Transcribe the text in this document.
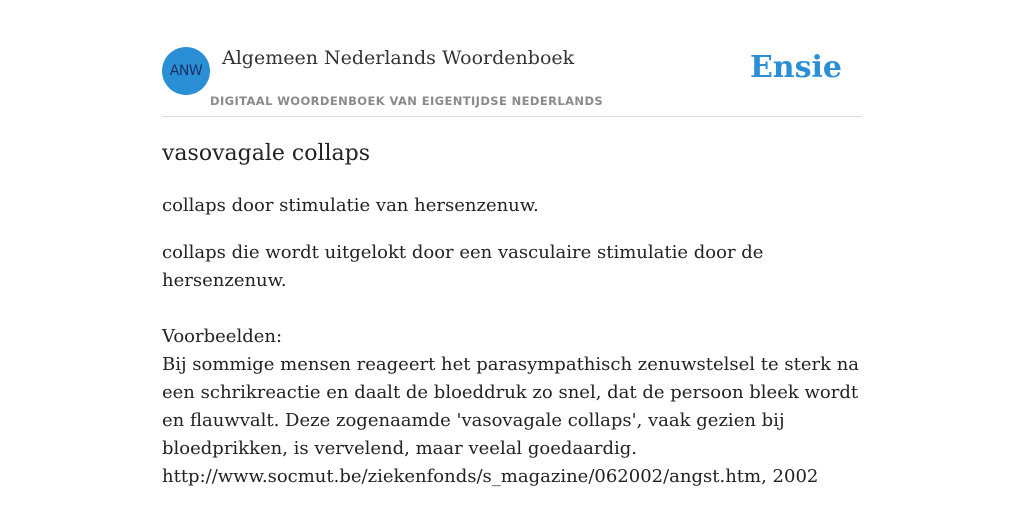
ANW
Algemeen Nederlands Woordenboek
DIGITAAL WOORDENBOEK VAN EIGENTIJDSE NEDERLANDS
Ensie
vasovagale collaps

collaps door stimulatie van hersenzenuw.

collaps die wordt uitgelokt door een vasculaire stimulatie door de hersenzenuw.

Voorbeelden:

Bij sommige mensen reageert het parasympathisch zenuwstelsel te sterk na een schrikreactie en daalt de bloeddruk zo snel, dat de persoon bleek wordt en flauwvalt. Deze zogenaamde 'vasovagale collaps', vaak gezien bij bloedprikken, is vervelend, maar veelal goedaardig.

http://www.socmut.be/ziekenfonds/s_magazine/062002/angst.htm, 2002
